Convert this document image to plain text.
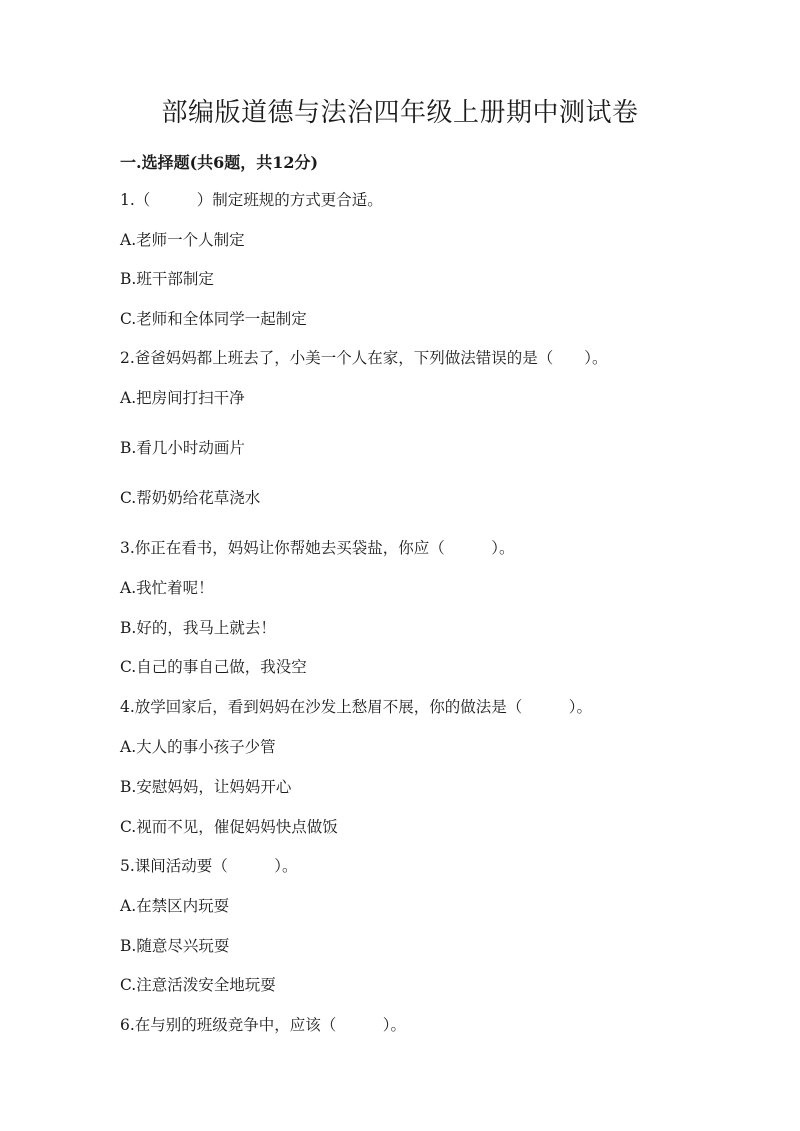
部编版道德与法治四年级上册期中测试卷
一.选择题(共6题，共12分)
1.（　　　）制定班规的方式更合适。
A.老师一个人制定
B.班干部制定
C.老师和全体同学一起制定
2.爸爸妈妈都上班去了，小美一个人在家，下列做法错误的是（　　）。
A.把房间打扫干净
B.看几小时动画片
C.帮奶奶给花草浇水
3.你正在看书，妈妈让你帮她去买袋盐，你应（　　　）。
A.我忙着呢！
B.好的，我马上就去！
C.自己的事自己做，我没空
4.放学回家后，看到妈妈在沙发上愁眉不展，你的做法是（　　　）。
A.大人的事小孩子少管
B.安慰妈妈，让妈妈开心
C.视而不见，催促妈妈快点做饭
5.课间活动要（　　　）。
A.在禁区内玩耍
B.随意尽兴玩耍
C.注意活泼安全地玩耍
6.在与别的班级竞争中，应该（　　　）。
